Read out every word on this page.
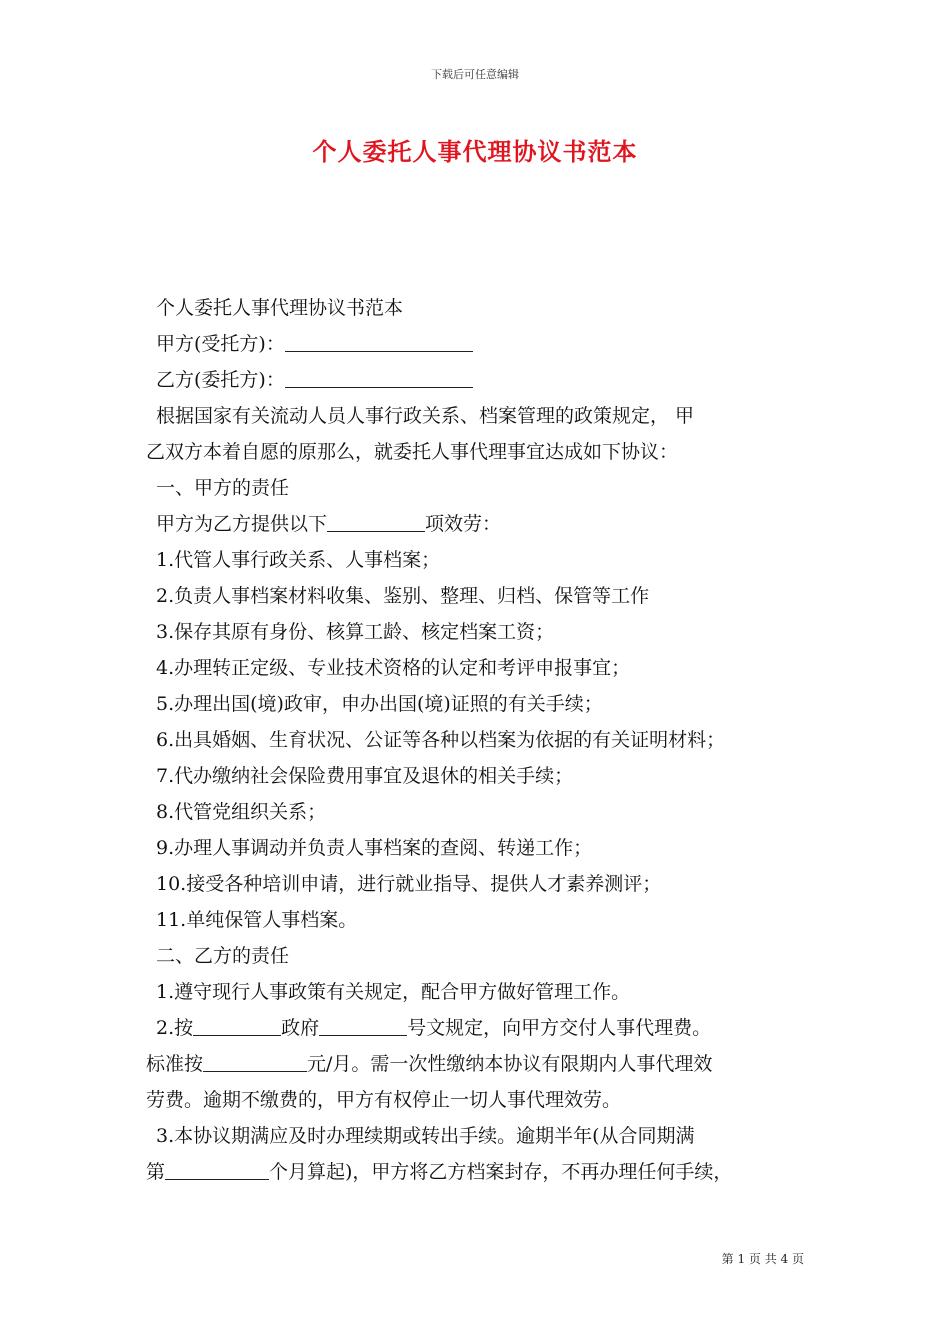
下载后可任意编辑
个人委托人事代理协议书范本
个人委托人事代理协议书范本
甲方(受托方)：
乙方(委托方)：
根据国家有关流动人员人事行政关系、档案管理的政策规定， 甲
乙双方本着自愿的原那么，就委托人事代理事宜达成如下协议：
一、甲方的责任
甲方为乙方提供以下	项效劳：
1.代管人事行政关系、人事档案；
2.负责人事档案材料收集、鉴别、整理、归档、保管等工作
3.保存其原有身份、核算工龄、核定档案工资；
4.办理转正定级、专业技术资格的认定和考评申报事宜；
5.办理出国(境)政审，申办出国(境)证照的有关手续；
6.出具婚姻、生育状况、公证等各种以档案为依据的有关证明材料；
7.代办缴纳社会保险费用事宜及退休的相关手续；
8.代管党组织关系；
9.办理人事调动并负责人事档案的查阅、转递工作；
10.接受各种培训申请，进行就业指导、提供人才素养测评；
11.单纯保管人事档案。
二、乙方的责任
1.遵守现行人事政策有关规定，配合甲方做好管理工作。
2.按	政府	号文规定，向甲方交付人事代理费。
标准按	元/月。需一次性缴纳本协议有限期内人事代理效
劳费。逾期不缴费的，甲方有权停止一切人事代理效劳。
3.本协议期满应及时办理续期或转出手续。逾期半年(从合同期满
第	个月算起)，甲方将乙方档案封存，不再办理任何手续，
第 1 页 共 4 页
